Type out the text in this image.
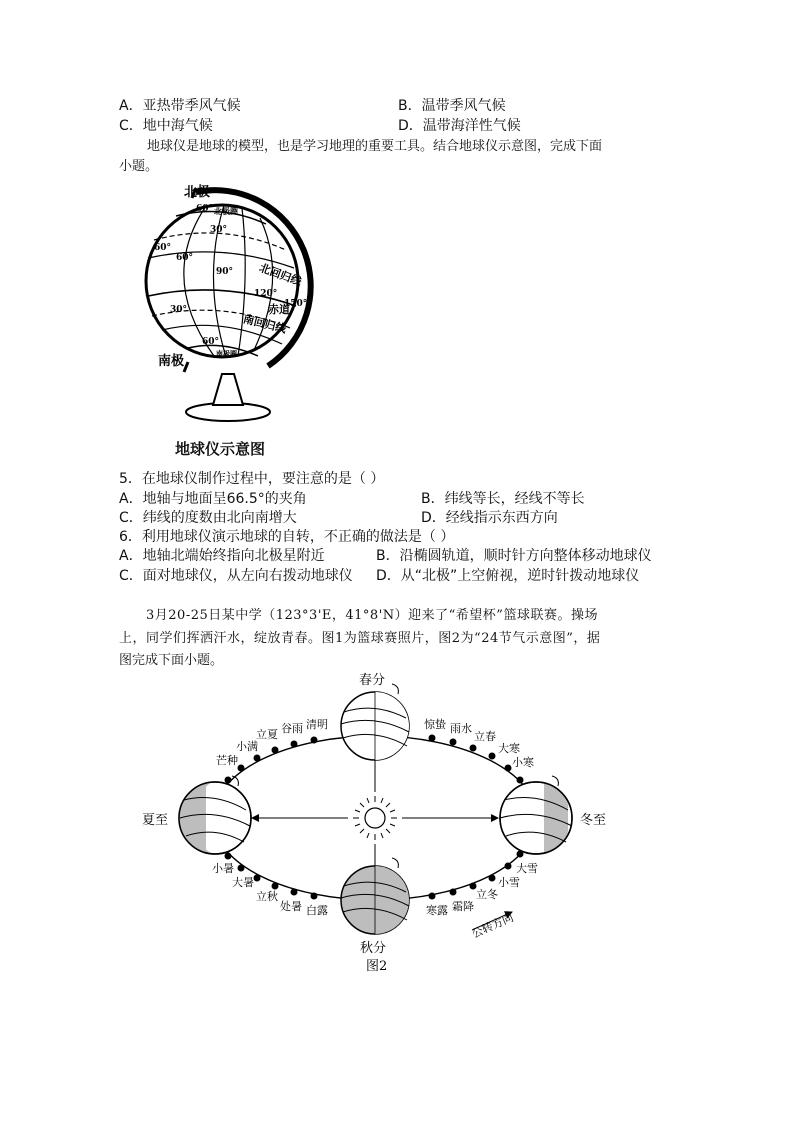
A．亚热带季风气候	B．温带季风气候
C．地中海气候	D．温带海洋性气候
地球仪是地球的模型，也是学习地理的重要工具。结合地球仪示意图，完成下面
小题。
北极
南极
60° 北极圈
30°
60°
60°
90° 北回归线
120°
150°
赤道
30°
南回归线
60°
南极圈
地球仪示意图
5．在地球仪制作过程中，要注意的是（ ）
A．地轴与地面呈66.5°的夹角	B．纬线等长，经线不等长
C．纬线的度数由北向南增大	D．经线指示东西方向
6．利用地球仪演示地球的自转，不正确的做法是（ ）
A．地轴北端始终指向北极星附近	B．沿椭圆轨道，顺时针方向整体移动地球仪
C．面对地球仪，从左向右拨动地球仪 D．从“北极”上空俯视，逆时针拨动地球仪
3月20-25日某中学（123°3'E，41°8'N）迎来了“希望杯”篮球联赛。操场
上，同学们挥洒汗水，绽放青春。图1为篮球赛照片，图2为“24节气示意图”，据
图完成下面小题。
春分
夏至	冬至
秋分
清明
谷雨
立夏
小满
芒种
小暑
大暑
立秋
处暑 白露	寒露 霜降
立冬
小雪
大雪
惊蛰 雨水
立春
大寒
小寒
公转方向
图2
